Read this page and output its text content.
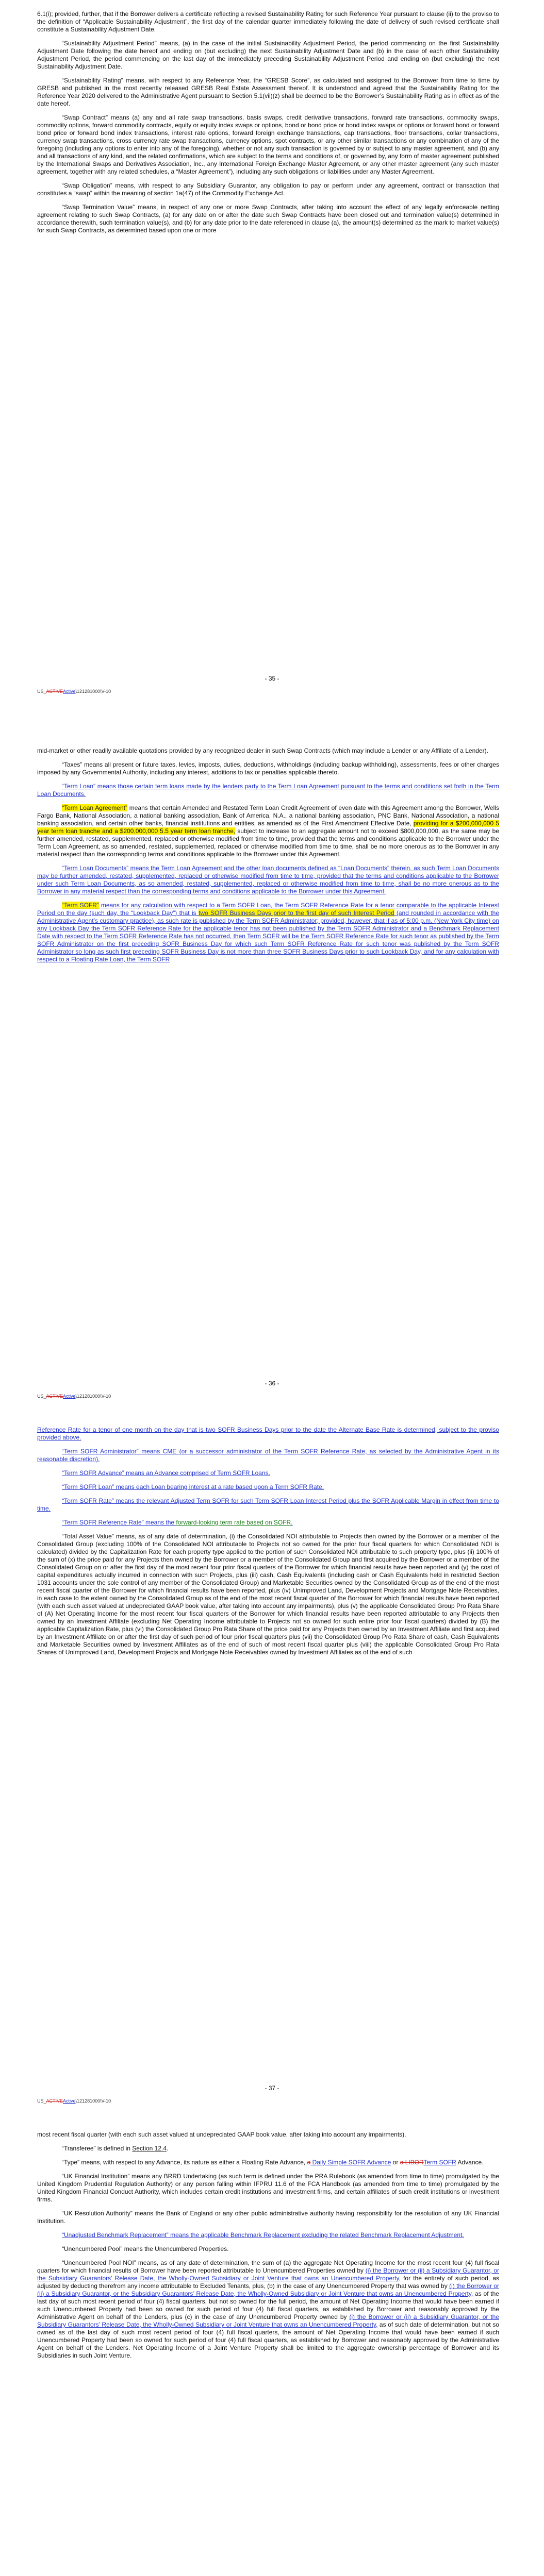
6.1(i); provided, further, that if the Borrower delivers a certificate reflecting a revised Sustainability Rating for such Reference Year pursuant to clause (ii) to the proviso to the definition of “Applicable Sustainability Adjustment”, the first day of the calendar quarter immediately following the date of delivery of such revised certificate shall constitute a Sustainability Adjustment Date.

“Sustainability Adjustment Period” means, (a) in the case of the initial Sustainability Adjustment Period, the period commencing on the first Sustainability Adjustment Date following the date hereof and ending on (but excluding) the next Sustainability Adjustment Date and (b) in the case of each other Sustainability Adjustment Period, the period commencing on the last day of the immediately preceding Sustainability Adjustment Period and ending on (but excluding) the next Sustainability Adjustment Date.

“Sustainability Rating” means, with respect to any Reference Year, the “GRESB Score”, as calculated and assigned to the Borrower from time to time by GRESB and published in the most recently released GRESB Real Estate Assessment thereof. It is understood and agreed that the Sustainability Rating for the Reference Year 2020 delivered to the Administrative Agent pursuant to Section 5.1(vii)(z) shall be deemed to be the Borrower’s Sustainability Rating as in effect as of the date hereof.

“Swap Contract” means (a) any and all rate swap transactions, basis swaps, credit derivative transactions, forward rate transactions, commodity swaps, commodity options, forward commodity contracts, equity or equity index swaps or options, bond or bond price or bond index swaps or options or forward bond or forward bond price or forward bond index transactions, interest rate options, forward foreign exchange transactions, cap transactions, floor transactions, collar transactions, currency swap transactions, cross currency rate swap transactions, currency options, spot contracts, or any other similar transactions or any combination of any of the foregoing (including any options to enter into any of the foregoing), whether or not any such transaction is governed by or subject to any master agreement, and (b) any and all transactions of any kind, and the related confirmations, which are subject to the terms and conditions of, or governed by, any form of master agreement published by the International Swaps and Derivatives Association, Inc., any International Foreign Exchange Master Agreement, or any other master agreement (any such master agreement, together with any related schedules, a “Master Agreement”), including any such obligations or liabilities under any Master Agreement.

“Swap Obligation” means, with respect to any Subsidiary Guarantor, any obligation to pay or perform under any agreement, contract or transaction that constitutes a “swap” within the meaning of section 1a(47) of the Commodity Exchange Act.

“Swap Termination Value” means, in respect of any one or more Swap Contracts, after taking into account the effect of any legally enforceable netting agreement relating to such Swap Contracts, (a) for any date on or after the date such Swap Contracts have been closed out and termination value(s) determined in accordance therewith, such termination value(s), and (b) for any date prior to the date referenced in clause (a), the amount(s) determined as the mark to market value(s) for such Swap Contracts, as determined based upon one or more

- 35 -
US_ACTIVEActive\121281000\V-10

mid-market or other readily available quotations provided by any recognized dealer in such Swap Contracts (which may include a Lender or any Affiliate of a Lender).

“Taxes” means all present or future taxes, levies, imposts, duties, deductions, withholdings (including backup withholding), assessments, fees or other charges imposed by any Governmental Authority, including any interest, additions to tax or penalties applicable thereto.

“Term Loan” means those certain term loans made by the lenders party to the Term Loan Agreement pursuant to the terms and conditions set forth in the Term Loan Documents.

“Term Loan Agreement” means that certain Amended and Restated Term Loan Credit Agreement of even date with this Agreement among the Borrower, Wells Fargo Bank, National Association, a national banking association, Bank of America, N.A., a national banking association, PNC Bank, National Association, a national banking association, and certain other banks, financial institutions and entities, as amended as of the First Amendment Effective Date, providing for a $200,000,000 5 year term loan tranche and a $200,000,000 5.5 year term loan tranche, subject to increase to an aggregate amount not to exceed $800,000,000, as the same may be further amended, restated, supplemented, replaced or otherwise modified from time to time, provided that the terms and conditions applicable to the Borrower under the Term Loan Agreement, as so amended, restated, supplemented, replaced or otherwise modified from time to time, shall be no more onerous as to the Borrower in any material respect than the corresponding terms and conditions applicable to the Borrower under this Agreement.

“Term Loan Documents” means the Term Loan Agreement and the other loan documents defined as “Loan Documents” therein, as such Term Loan Documents may be further amended, restated, supplemented, replaced or otherwise modified from time to time, provided that the terms and conditions applicable to the Borrower under such Term Loan Documents, as so amended, restated, supplemented, replaced or otherwise modified from time to time, shall be no more onerous as to the Borrower in any material respect than the corresponding terms and conditions applicable to the Borrower under this Agreement.

“Term SOFR” means for any calculation with respect to a Term SOFR Loan, the Term SOFR Reference Rate for a tenor comparable to the applicable Interest Period on the day (such day, the “Lookback Day”) that is two SOFR Business Days prior to the first day of such Interest Period (and rounded in accordance with the Administrative Agent’s customary practice), as such rate is published by the Term SOFR Administrator; provided, however, that if as of 5:00 p.m. (New York City time) on any Lookback Day the Term SOFR Reference Rate for the applicable tenor has not been published by the Term SOFR Administrator and a Benchmark Replacement Date with respect to the Term SOFR Reference Rate has not occurred, then Term SOFR will be the Term SOFR Reference Rate for such tenor as published by the Term SOFR Administrator on the first preceding SOFR Business Day for which such Term SOFR Reference Rate for such tenor was published by the Term SOFR Administrator so long as such first preceding SOFR Business Day is not more than three SOFR Business Days prior to such Lookback Day, and for any calculation with respect to a Floating Rate Loan, the Term SOFR

- 36 -
US_ACTIVEActive\121281000\V-10

Reference Rate for a tenor of one month on the day that is two SOFR Business Days prior to the date the Alternate Base Rate is determined, subject to the proviso provided above.

“Term SOFR Administrator” means CME (or a successor administrator of the Term SOFR Reference Rate, as selected by the Administrative Agent in its reasonable discretion).

“Term SOFR Advance” means an Advance comprised of Term SOFR Loans.

“Term SOFR Loan” means each Loan bearing interest at a rate based upon a Term SOFR Rate.

“Term SOFR Rate” means the relevant Adjusted Term SOFR for such Term SOFR Loan Interest Period plus the SOFR Applicable Margin in effect from time to time.

“Term SOFR Reference Rate” means the forward-looking term rate based on SOFR.

“Total Asset Value” means, as of any date of determination, (i) the Consolidated NOI attributable to Projects then owned by the Borrower or a member of the Consolidated Group (excluding 100% of the Consolidated NOI attributable to Projects not so owned for the prior four fiscal quarters for which Consolidated NOI is calculated) divided by the Capitalization Rate for each property type applied to the portion of such Consolidated NOI attributable to such property type, plus (ii) 100% of the sum of (x) the price paid for any Projects then owned by the Borrower or a member of the Consolidated Group and first acquired by the Borrower or a member of the Consolidated Group on or after the first day of the most recent four prior fiscal quarters of the Borrower for which financial results have been reported and (y) the cost of capital expenditures actually incurred in connection with such Projects, plus (iii) cash, Cash Equivalents (including cash or Cash Equivalents held in restricted Section 1031 accounts under the sole control of any member of the Consolidated Group) and Marketable Securities owned by the Consolidated Group as of the end of the most recent fiscal quarter of the Borrower for which financial results have been reported, plus (iv) Unimproved Land, Development Projects and Mortgage Note Receivables, in each case to the extent owned by the Consolidated Group as of the end of the most recent fiscal quarter of the Borrower for which financial results have been reported (with each such asset valued at undepreciated GAAP book value, after taking into account any impairments), plus (v) the applicable Consolidated Group Pro Rata Share of (A) Net Operating Income for the most recent four fiscal quarters of the Borrower for which financial results have been reported attributable to any Projects then owned by an Investment Affiliate (excluding Net Operating Income attributable to Projects not so owned for such entire prior four fiscal quarters) divided by (B) the applicable Capitalization Rate, plus (vi) the Consolidated Group Pro Rata Share of the price paid for any Projects then owned by an Investment Affiliate and first acquired by an Investment Affiliate on or after the first day of such period of four prior fiscal quarters plus (vii) the Consolidated Group Pro Rata Share of cash, Cash Equivalents and Marketable Securities owned by Investment Affiliates as of the end of such of most recent fiscal quarter plus (viii) the applicable Consolidated Group Pro Rata Shares of Unimproved Land, Development Projects and Mortgage Note Receivables owned by Investment Affiliates as of the end of such

- 37 -
US_ACTIVEActive\121281000\V-10

most recent fiscal quarter (with each such asset valued at undepreciated GAAP book value, after taking into account any impairments).

“Transferee” is defined in Section 12.4.

“Type” means, with respect to any Advance, its nature as either a Floating Rate Advance, a Daily Simple SOFR Advance or a LIBORTerm SOFR Advance.

“UK Financial Institution” means any BRRD Undertaking (as such term is defined under the PRA Rulebook (as amended from time to time) promulgated by the United Kingdom Prudential Regulation Authority) or any person falling within IFPRU 11.6 of the FCA Handbook (as amended from time to time) promulgated by the United Kingdom Financial Conduct Authority, which includes certain credit institutions and investment firms, and certain affiliates of such credit institutions or investment firms.

“UK Resolution Authority” means the Bank of England or any other public administrative authority having responsibility for the resolution of any UK Financial Institution.

“Unadjusted Benchmark Replacement” means the applicable Benchmark Replacement excluding the related Benchmark Replacement Adjustment.

“Unencumbered Pool” means the Unencumbered Properties.

“Unencumbered Pool NOI” means, as of any date of determination, the sum of (a) the aggregate Net Operating Income for the most recent four (4) full fiscal quarters for which financial results of Borrower have been reported attributable to Unencumbered Properties owned by (i) the Borrower or (ii) a Subsidiary Guarantor, or the Subsidiary Guarantors’ Release Date, the Wholly-Owned Subsidiary or Joint Venture that owns an Unencumbered Property, for the entirety of such period, as adjusted by deducting therefrom any income attributable to Excluded Tenants, plus, (b) in the case of any Unencumbered Property that was owned by (i) the Borrower or (ii) a Subsidiary Guarantor, or the Subsidiary Guarantors’ Release Date, the Wholly-Owned Subsidiary or Joint Venture that owns an Unencumbered Property, as of the last day of such most recent period of four (4) fiscal quarters, but not so owned for the full period, the amount of Net Operating Income that would have been earned if such Unencumbered Property had been so owned for such period of four (4) full fiscal quarters, as established by Borrower and reasonably approved by the Administrative Agent on behalf of the Lenders, plus (c) in the case of any Unencumbered Property owned by (i) the Borrower or (ii) a Subsidiary Guarantor, or the Subsidiary Guarantors’ Release Date, the Wholly-Owned Subsidiary or Joint Venture that owns an Unencumbered Property, as of such date of determination, but not so owned as of the last day of such most recent period of four (4) full fiscal quarters, the amount of Net Operating Income that would have been earned if such Unencumbered Property had been so owned for such period of four (4) full fiscal quarters, as established by Borrower and reasonably approved by the Administrative Agent on behalf of the Lenders. Net Operating Income of a Joint Venture Property shall be limited to the aggregate ownership percentage of Borrower and its Subsidiaries in such Joint Venture.
